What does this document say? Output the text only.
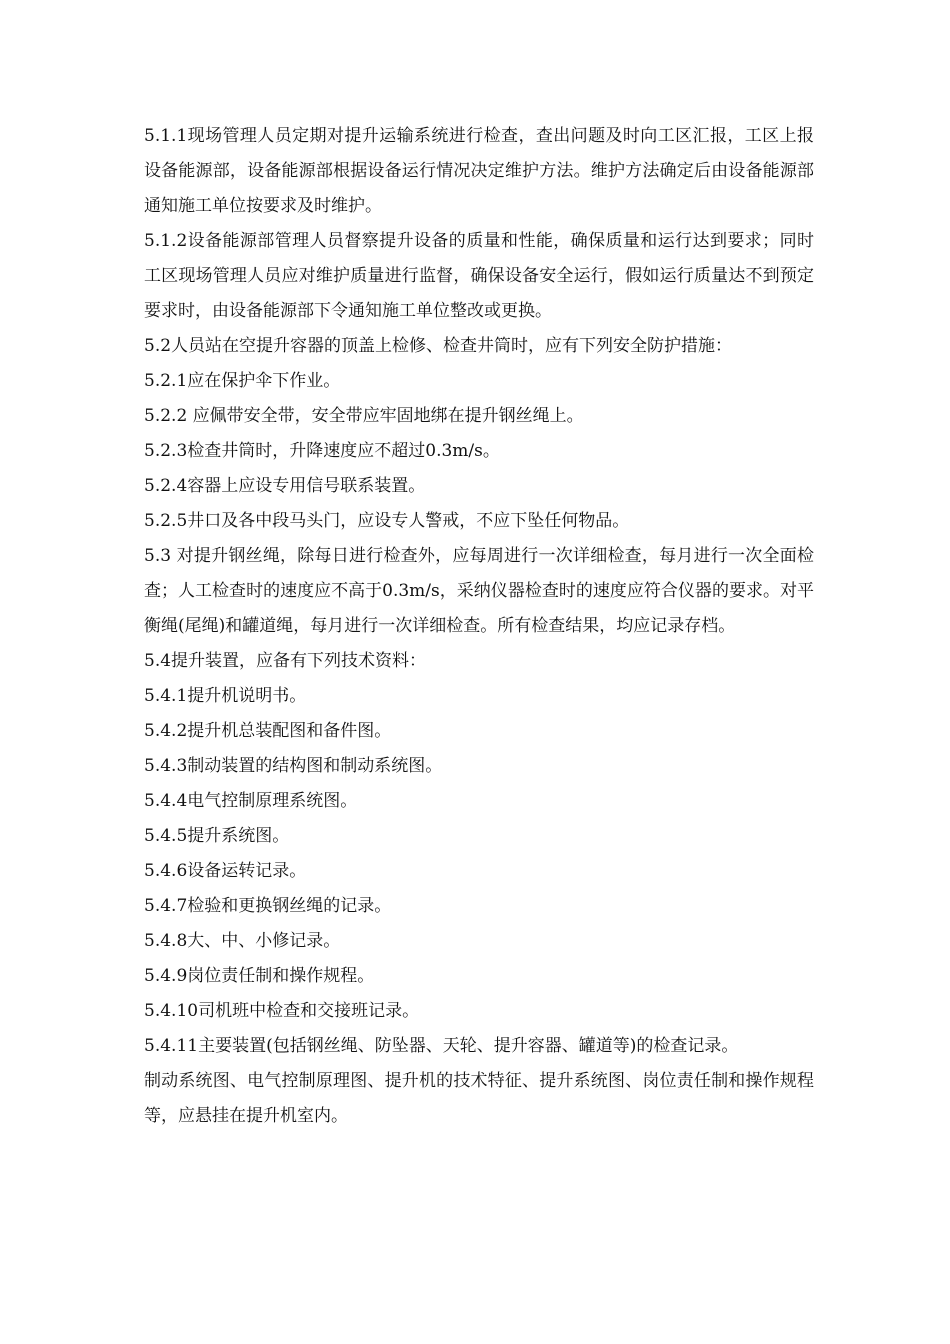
5.1.1现场管理人员定期对提升运输系统进行检查，查出问题及时向工区汇报，工区上报设备能源部，设备能源部根据设备运行情况决定维护方法。维护方法确定后由设备能源部通知施工单位按要求及时维护。

5.1.2设备能源部管理人员督察提升设备的质量和性能，确保质量和运行达到要求；同时工区现场管理人员应对维护质量进行监督，确保设备安全运行，假如运行质量达不到预定要求时，由设备能源部下令通知施工单位整改或更换。

5.2人员站在空提升容器的顶盖上检修、检查井筒时，应有下列安全防护措施：

5.2.1应在保护伞下作业。

5.2.2 应佩带安全带，安全带应牢固地绑在提升钢丝绳上。

5.2.3检查井筒时，升降速度应不超过0.3m/s。

5.2.4容器上应设专用信号联系装置。

5.2.5井口及各中段马头门，应设专人警戒，不应下坠任何物品。

5.3 对提升钢丝绳，除每日进行检查外，应每周进行一次详细检查，每月进行一次全面检查；人工检查时的速度应不高于0.3m/s，采纳仪器检查时的速度应符合仪器的要求。对平衡绳(尾绳)和罐道绳，每月进行一次详细检查。所有检查结果，均应记录存档。

5.4提升装置，应备有下列技术资料：

5.4.1提升机说明书。

5.4.2提升机总装配图和备件图。

5.4.3制动装置的结构图和制动系统图。

5.4.4电气控制原理系统图。

5.4.5提升系统图。

5.4.6设备运转记录。

5.4.7检验和更换钢丝绳的记录。

5.4.8大、中、小修记录。

5.4.9岗位责任制和操作规程。

5.4.10司机班中检查和交接班记录。

5.4.11主要装置(包括钢丝绳、防坠器、天轮、提升容器、罐道等)的检查记录。

制动系统图、电气控制原理图、提升机的技术特征、提升系统图、岗位责任制和操作规程等，应悬挂在提升机室内。
